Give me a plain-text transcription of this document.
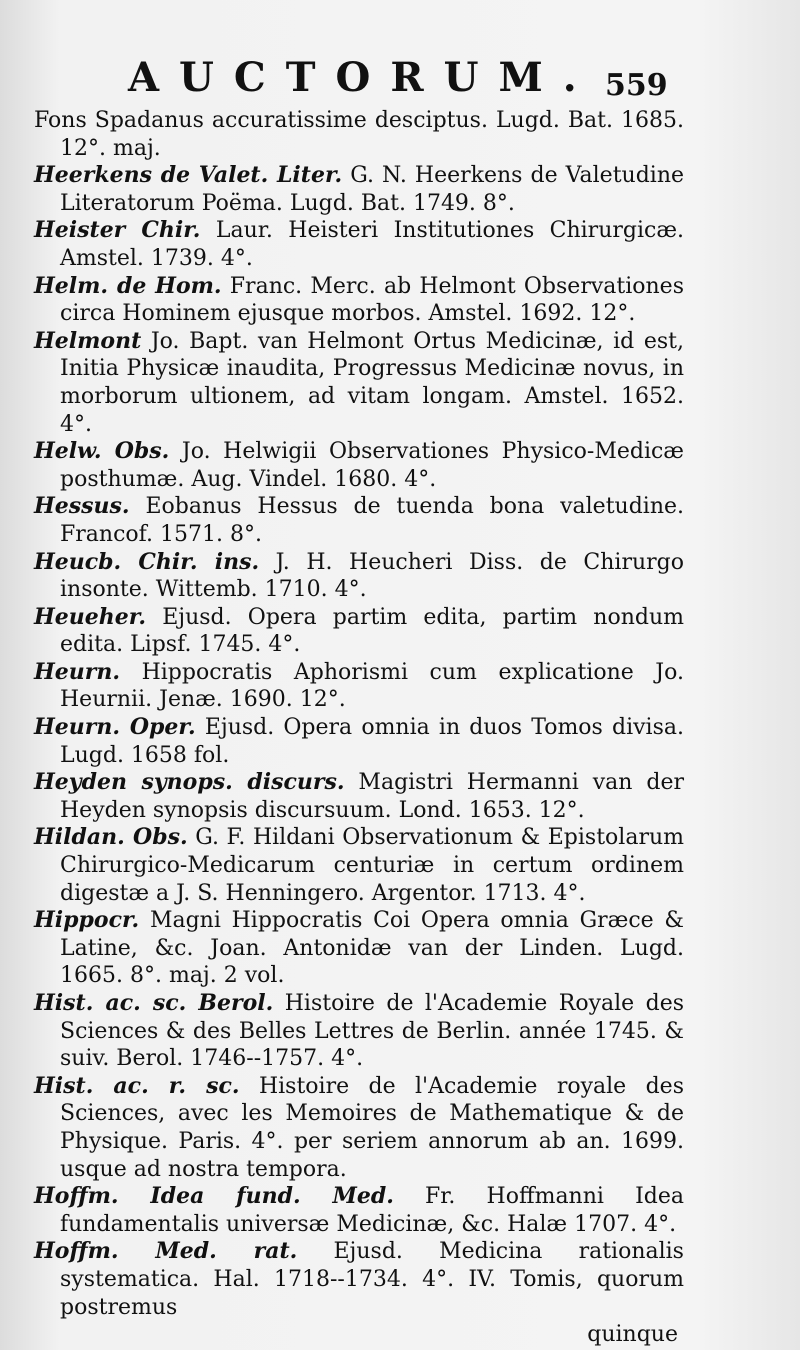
AUCTORUM. 559

Fons Spadanus accuratissime desciptus. Lugd. Bat. 1685. 12°. maj.

Heerkens de Valet. Liter. G. N. Heerkens de Valetudine Literatorum Poëma. Lugd. Bat. 1749. 8°.

Heister Chir. Laur. Heisteri Institutiones Chirurgicæ. Amstel. 1739. 4°.

Helm. de Hom. Franc. Merc. ab Helmont Observationes circa Hominem ejusque morbos. Amstel. 1692. 12°.

Helmont Jo. Bapt. van Helmont Ortus Medicinæ, id est, Initia Physicæ inaudita, Progressus Medicinæ novus, in morborum ultionem, ad vitam longam. Amstel. 1652. 4°.

Helw. Obs. Jo. Helwigii Observationes Physico-Medicæ posthumæ. Aug. Vindel. 1680. 4°.

Hessus. Eobanus Hessus de tuenda bona valetudine. Francof. 1571. 8°.

Heucb. Chir. ins. J. H. Heucheri Diss. de Chirurgo insonte. Wittemb. 1710. 4°.

Heueher. Ejusd. Opera partim edita, partim nondum edita. Lipsf. 1745. 4°.

Heurn. Hippocratis Aphorismi cum explicatione Jo. Heurnii. Jenæ. 1690. 12°.

Heurn. Oper. Ejusd. Opera omnia in duos Tomos divisa. Lugd. 1658 fol.

Heyden synops. discurs. Magistri Hermanni van der Heyden synopsis discursuum. Lond. 1653. 12°.

Hildan. Obs. G. F. Hildani Observationum & Epistolarum Chirurgico-Medicarum centuriæ in certum ordinem digestæ a J. S. Henningero. Argentor. 1713. 4°.

Hippocr. Magni Hippocratis Coi Opera omnia Græce & Latine, &c. Joan. Antonidæ van der Linden. Lugd. 1665. 8°. maj. 2 vol.

Hist. ac. sc. Berol. Histoire de l'Academie Royale des Sciences & des Belles Lettres de Berlin. année 1745. & suiv. Berol. 1746--1757. 4°.

Hist. ac. r. sc. Histoire de l'Academie royale des Sciences, avec les Memoires de Mathematique & de Physique. Paris. 4°. per seriem annorum ab an. 1699. usque ad nostra tempora.

Hoffm. Idea fund. Med. Fr. Hoffmanni Idea fundamentalis universæ Medicinæ, &c. Halæ 1707. 4°.

Hoffm. Med. rat. Ejusd. Medicina rationalis systematica. Hal. 1718--1734. 4°. IV. Tomis, quorum postremus

quinque
